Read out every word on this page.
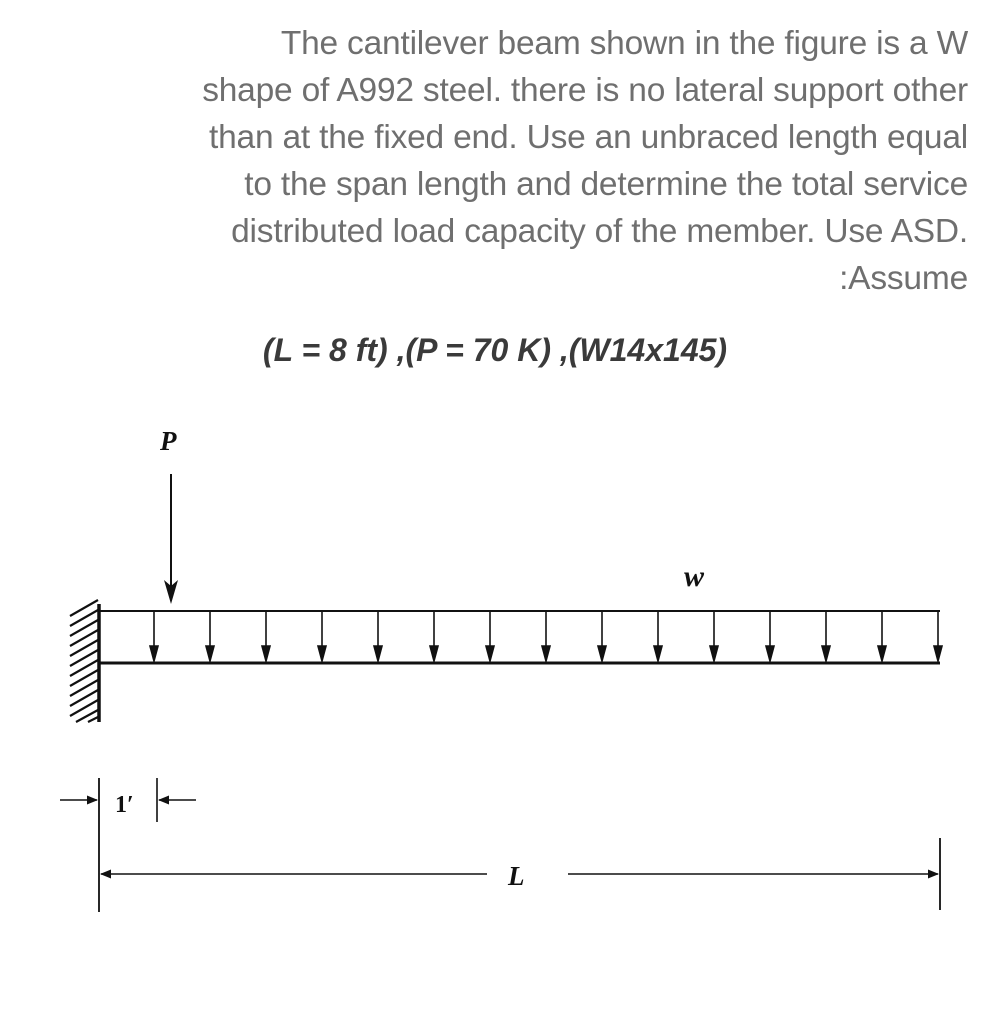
The cantilever beam shown in the figure is a W
shape of A992 steel. there is no lateral support other
than at the fixed end. Use an unbraced length equal
to the span length and determine the total service
distributed load capacity of the member. Use ASD.
:Assume
(L = 8 ft) ,(P = 70 K) ,(W14x145)
P
w
1′
L
